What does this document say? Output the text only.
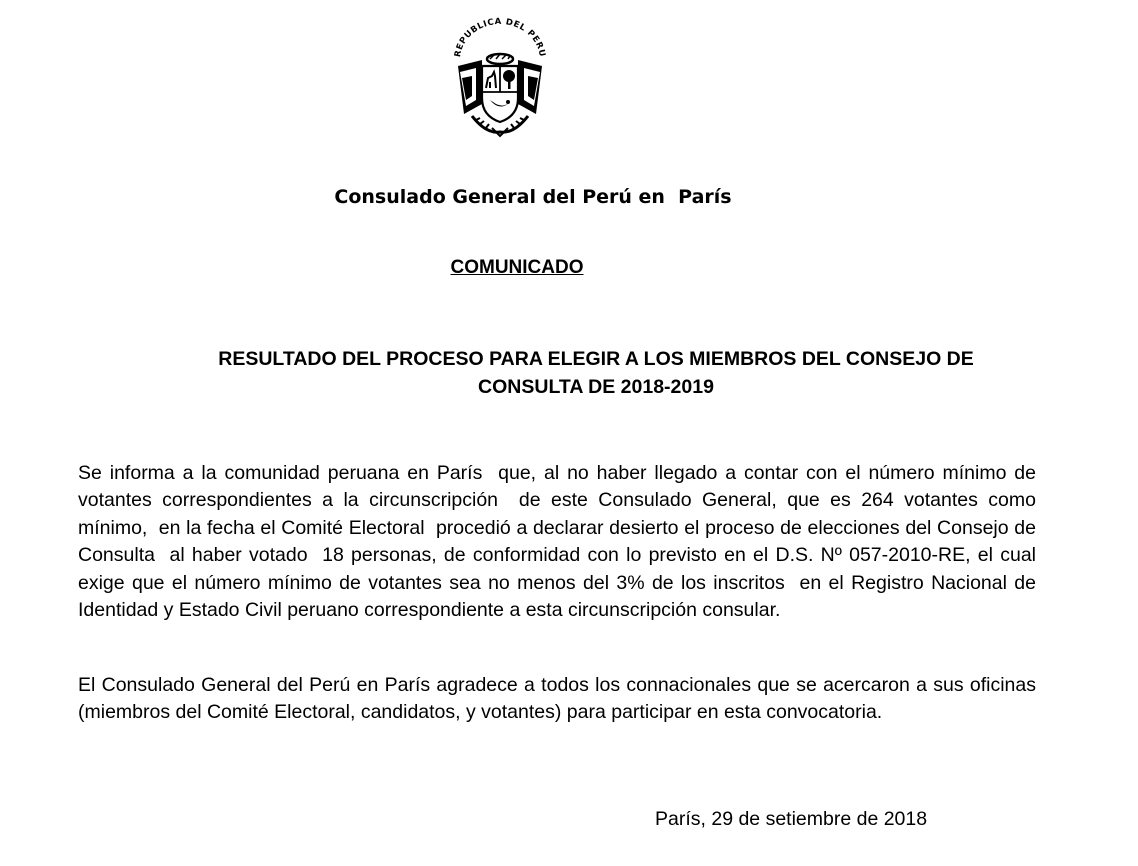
REPUBLICA DEL PERU
Consulado General del Perú en  París
COMUNICADO
RESULTADO DEL PROCESO PARA ELEGIR A LOS MIEMBROS DEL CONSEJO DE
CONSULTA DE 2018-2019
Se informa a la comunidad peruana en París  que, al no haber llegado a contar con el número mínimo de votantes correspondientes a la circunscripción  de este Consulado General, que es 264 votantes como mínimo,  en la fecha el Comité Electoral  procedió a declarar desierto el proceso de elecciones del Consejo de Consulta  al haber votado  18 personas, de conformidad con lo previsto en el D.S. Nº 057-2010-RE, el cual exige que el número mínimo de votantes sea no menos del 3% de los inscritos  en el Registro Nacional de Identidad y Estado Civil peruano correspondiente a esta circunscripción consular.
El Consulado General del Perú en París agradece a todos los connacionales que se acercaron a sus oficinas  (miembros del Comité Electoral, candidatos, y votantes) para participar en esta convocatoria.
París, 29 de setiembre de 2018
